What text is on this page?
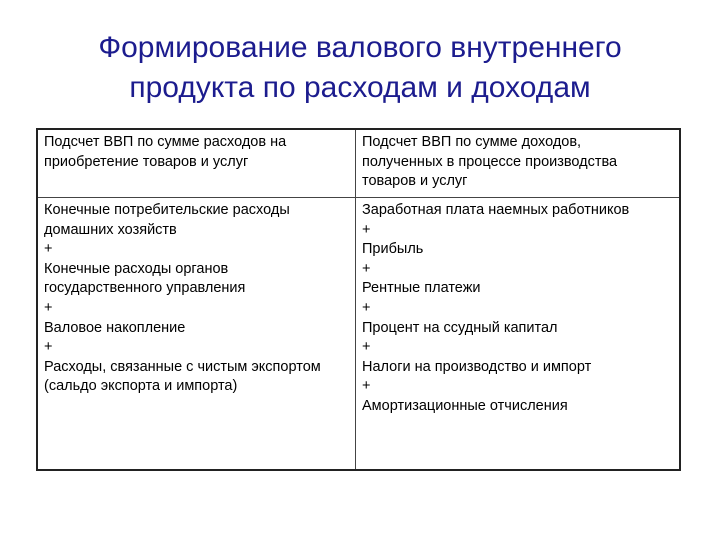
Формирование валового внутреннего
продукта по расходам и доходам
Подсчет ВВП по сумме расходов на
приобретение товаров и услуг
Подсчет ВВП по сумме доходов,
полученных в процессе производства
товаров и услуг
Конечные потребительские расходы
домашних хозяйств
+
Конечные расходы органов
государственного управления
+
Валовое накопление
+
Расходы, связанные с чистым экспортом
(сальдо экспорта и импорта)
Заработная плата наемных работников
+
Прибыль
+
Рентные платежи
+
Процент на ссудный капитал
+
Налоги на производство и импорт
+
Амортизационные отчисления
